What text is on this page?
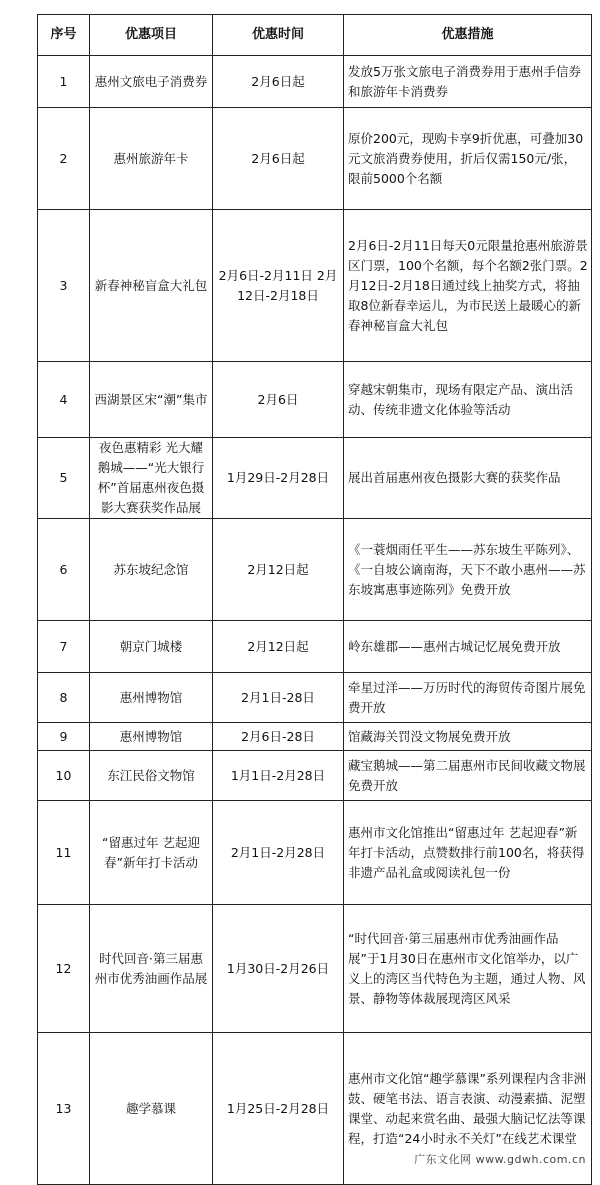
序号	优惠项目	优惠时间	优惠措施
1	惠州文旅电子消费券	2月6日起	发放5万张文旅电子消费券用于惠州手信券和旅游年卡消费券
2	惠州旅游年卡	2月6日起	原价200元，现购卡享9折优惠，可叠加30元文旅消费券使用，折后仅需150元/张，限前5000个名额
3	新春神秘盲盒大礼包	2月6日-2月11日 2月12日-2月18日	2月6日-2月11日每天0元限量抢惠州旅游景区门票，100个名额，每个名额2张门票。2月12日-2月18日通过线上抽奖方式，将抽取8位新春幸运儿，为市民送上最暖心的新春神秘盲盒大礼包
4	西湖景区宋“潮”集市	2月6日	穿越宋朝集市，现场有限定产品、演出活动、传统非遗文化体验等活动
5	夜色惠精彩 光大耀鹅城——“光大银行杯”首届惠州夜色摄影大赛获奖作品展	1月29日-2月28日	展出首届惠州夜色摄影大赛的获奖作品
6	苏东坡纪念馆	2月12日起	《一蓑烟雨任平生——苏东坡生平陈列》、《一自坡公谪南海，天下不敢小惠州——苏东坡寓惠事迹陈列》免费开放
7	朝京门城楼	2月12日起	岭东雄郡——惠州古城记忆展免费开放
8	惠州博物馆	2月1日-28日	牵星过洋——万历时代的海贸传奇图片展免费开放
9	惠州博物馆	2月6日-28日	馆藏海关罚没文物展免费开放
10	东江民俗文物馆	1月1日-2月28日	藏宝鹅城——第二届惠州市民间收藏文物展免费开放
11	“留惠过年 艺起迎春”新年打卡活动	2月1日-2月28日	惠州市文化馆推出“留惠过年 艺起迎春”新年打卡活动，点赞数排行前100名，将获得非遗产品礼盒或阅读礼包一份
12	时代回音·第三届惠州市优秀油画作品展	1月30日-2月26日	“时代回音·第三届惠州市优秀油画作品展”于1月30日在惠州市文化馆举办，以广义上的湾区当代特色为主题，通过人物、风景、静物等体裁展现湾区风采
13	趣学慕课	1月25日-2月28日	惠州市文化馆“趣学慕课”系列课程内含非洲鼓、硬笔书法、语言表演、动漫素描、泥塑课堂、动起来赏名曲、最强大脑记忆法等课程，打造“24小时永不关灯”在线艺术课堂
广东文化网 www.gdwh.com.cn
